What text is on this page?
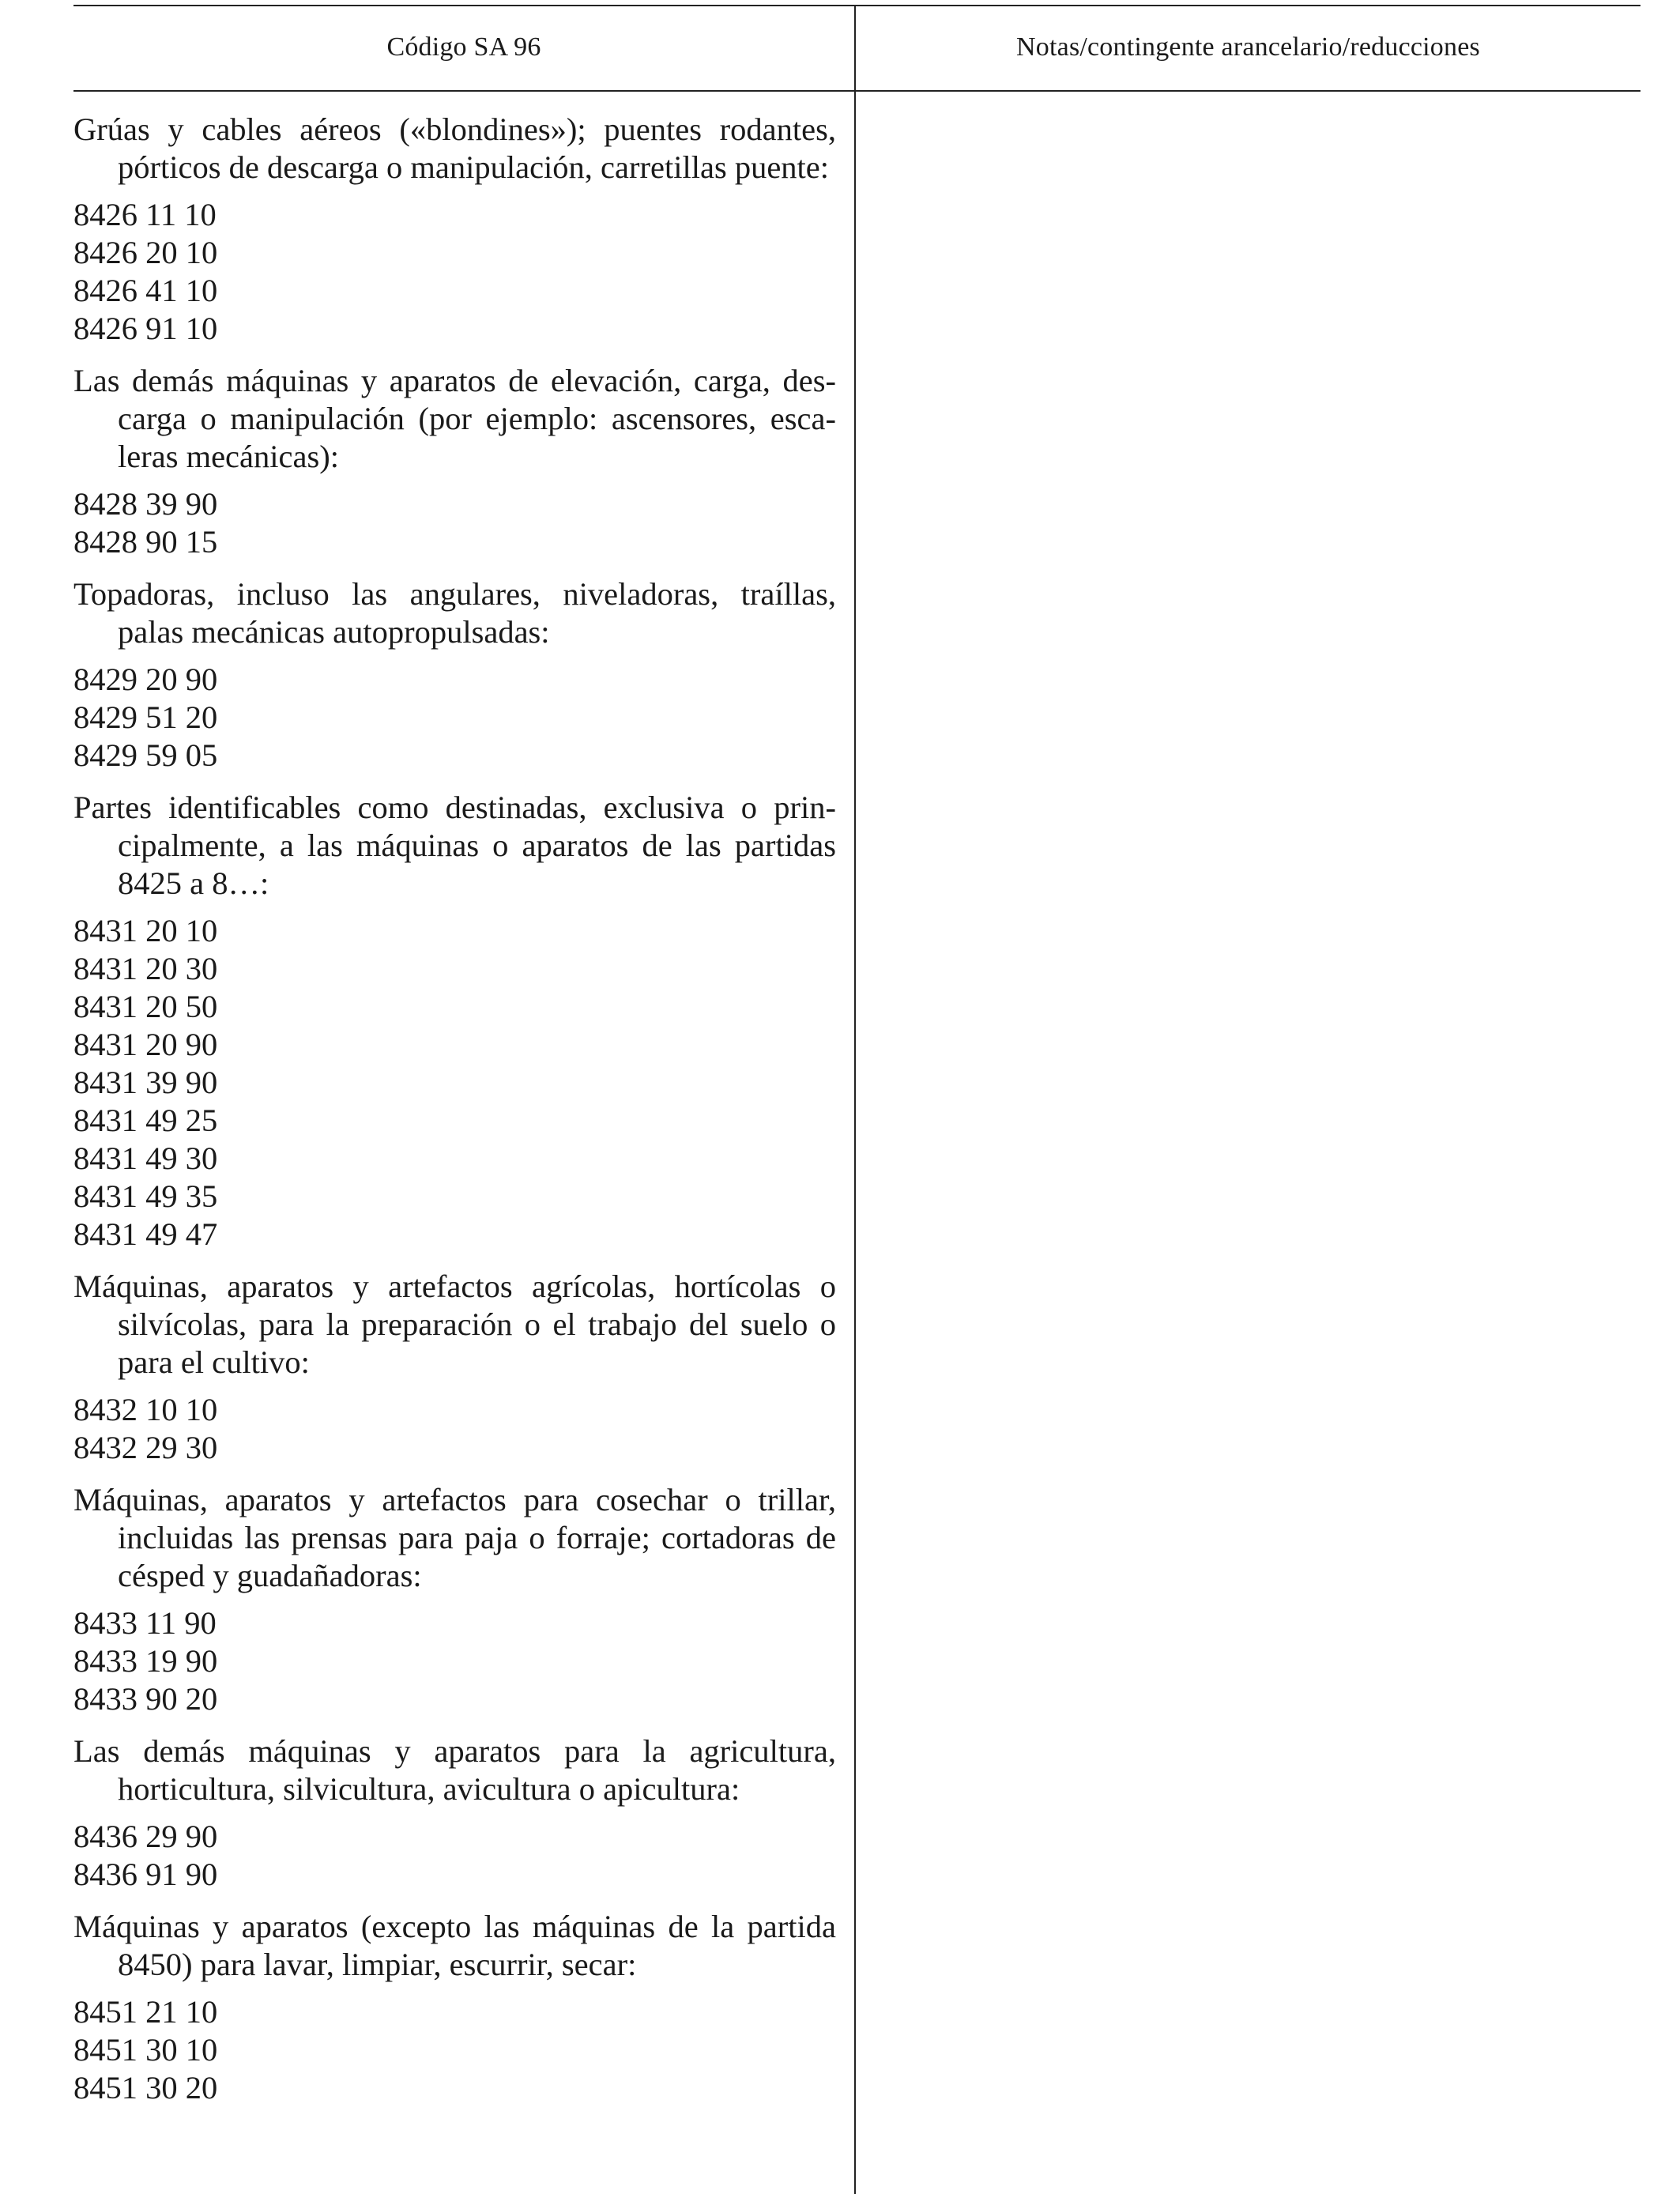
Código SA 96	Notas/contingente arancelario/reducciones

Grúas y cables aéreos («blondines»); puentes rodantes, pórticos de descarga o manipulación, carretillas puente:

8426 11 10
8426 20 10
8426 41 10
8426 91 10

Las demás máquinas y aparatos de elevación, carga, descarga o manipulación (por ejemplo: ascensores, escaleras mecánicas):

8428 39 90
8428 90 15

Topadoras, incluso las angulares, niveladoras, traíllas, palas mecánicas autopropulsadas:

8429 20 90
8429 51 20
8429 59 05

Partes identificables como destinadas, exclusiva o principalmente, a las máquinas o aparatos de las partidas 8425 a 8…:

8431 20 10
8431 20 30
8431 20 50
8431 20 90
8431 39 90
8431 49 25
8431 49 30
8431 49 35
8431 49 47

Máquinas, aparatos y artefactos agrícolas, hortícolas o silvícolas, para la preparación o el trabajo del suelo o para el cultivo:

8432 10 10
8432 29 30

Máquinas, aparatos y artefactos para cosechar o trillar, incluidas las prensas para paja o forraje; cortadoras de césped y guadañadoras:

8433 11 90
8433 19 90
8433 90 20

Las demás máquinas y aparatos para la agricultura, horticultura, silvicultura, avicultura o apicultura:

8436 29 90
8436 91 90

Máquinas y aparatos (excepto las máquinas de la partida 8450) para lavar, limpiar, escurrir, secar:

8451 21 10
8451 30 10
8451 30 20
